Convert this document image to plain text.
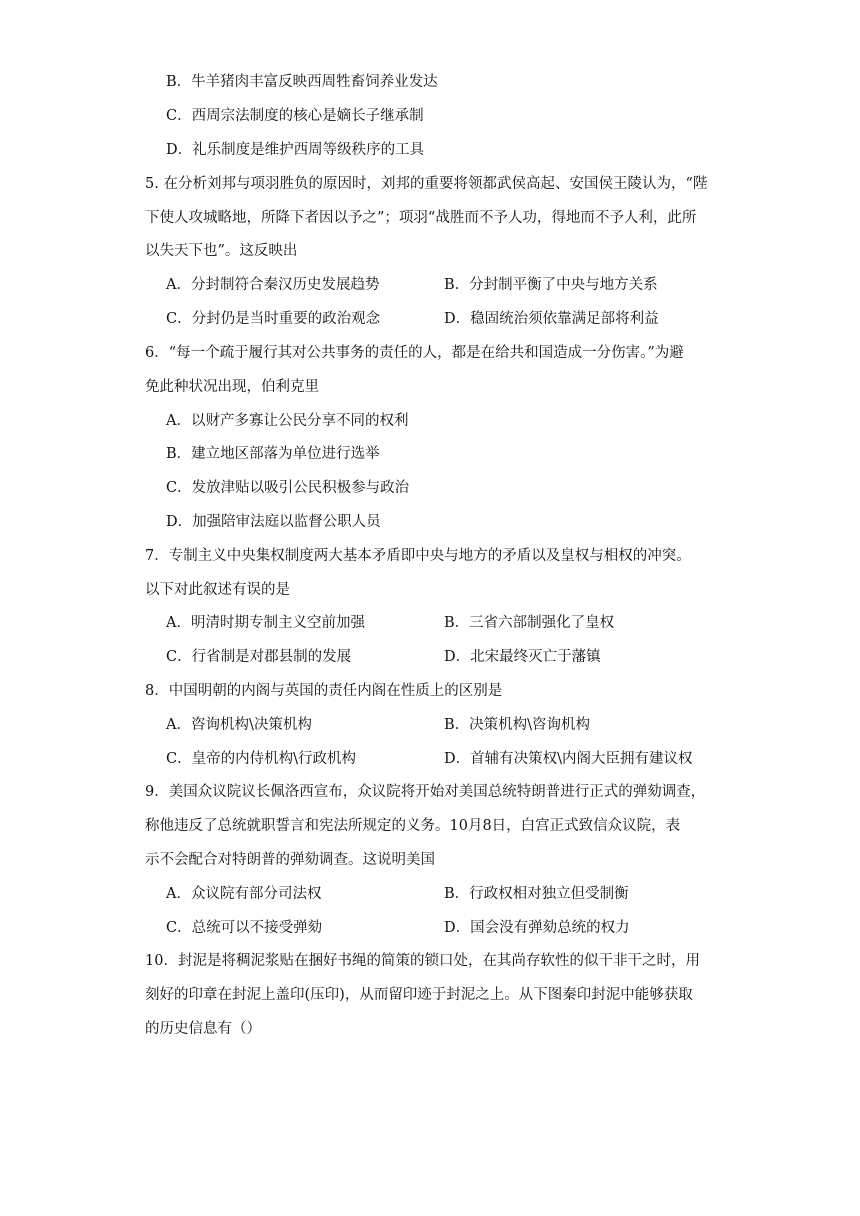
B．牛羊猪肉丰富反映西周牲畜饲养业发达
C．西周宗法制度的核心是嫡长子继承制
D．礼乐制度是维护西周等级秩序的工具
5. 在分析刘邦与项羽胜负的原因时，刘邦的重要将领都武侯高起、安国侯王陵认为，“陛
下使人攻城略地，所降下者因以予之”；项羽“战胜而不予人功，得地而不予人利，此所
以失天下也”。这反映出
A．分封制符合秦汉历史发展趋势	B．分封制平衡了中央与地方关系
C．分封仍是当时重要的政治观念	D．稳固统治须依靠满足部将利益
6．“每一个疏于履行其对公共事务的责任的人，都是在给共和国造成一分伤害。”为避
免此种状况出现，伯利克里
A．以财产多寡让公民分享不同的权利
B．建立地区部落为单位进行选举
C．发放津贴以吸引公民积极参与政治
D．加强陪审法庭以监督公职人员
7．专制主义中央集权制度两大基本矛盾即中央与地方的矛盾以及皇权与相权的冲突。
以下对此叙述有误的是
A．明清时期专制主义空前加强	B．三省六部制强化了皇权
C．行省制是对郡县制的发展	D．北宋最终灭亡于藩镇
8．中国明朝的内阁与英国的责任内阁在性质上的区别是
A．咨询机构\决策机构	B．决策机构\咨询机构
C．皇帝的内侍机构\行政机构	D．首辅有决策权\内阁大臣拥有建议权
9．美国众议院议长佩洛西宣布，众议院将开始对美国总统特朗普进行正式的弹劾调查，
称他违反了总统就职誓言和宪法所规定的义务。10月8日，白宫正式致信众议院，表
示不会配合对特朗普的弹劾调查。这说明美国
A．众议院有部分司法权	B．行政权相对独立但受制衡
C．总统可以不接受弹劾	D．国会没有弹劾总统的权力
10．封泥是将稠泥浆贴在捆好书绳的简策的锁口处，在其尚存软性的似干非干之时，用
刻好的印章在封泥上盖印(压印)，从而留印迹于封泥之上。从下图秦印封泥中能够获取
的历史信息有（）
